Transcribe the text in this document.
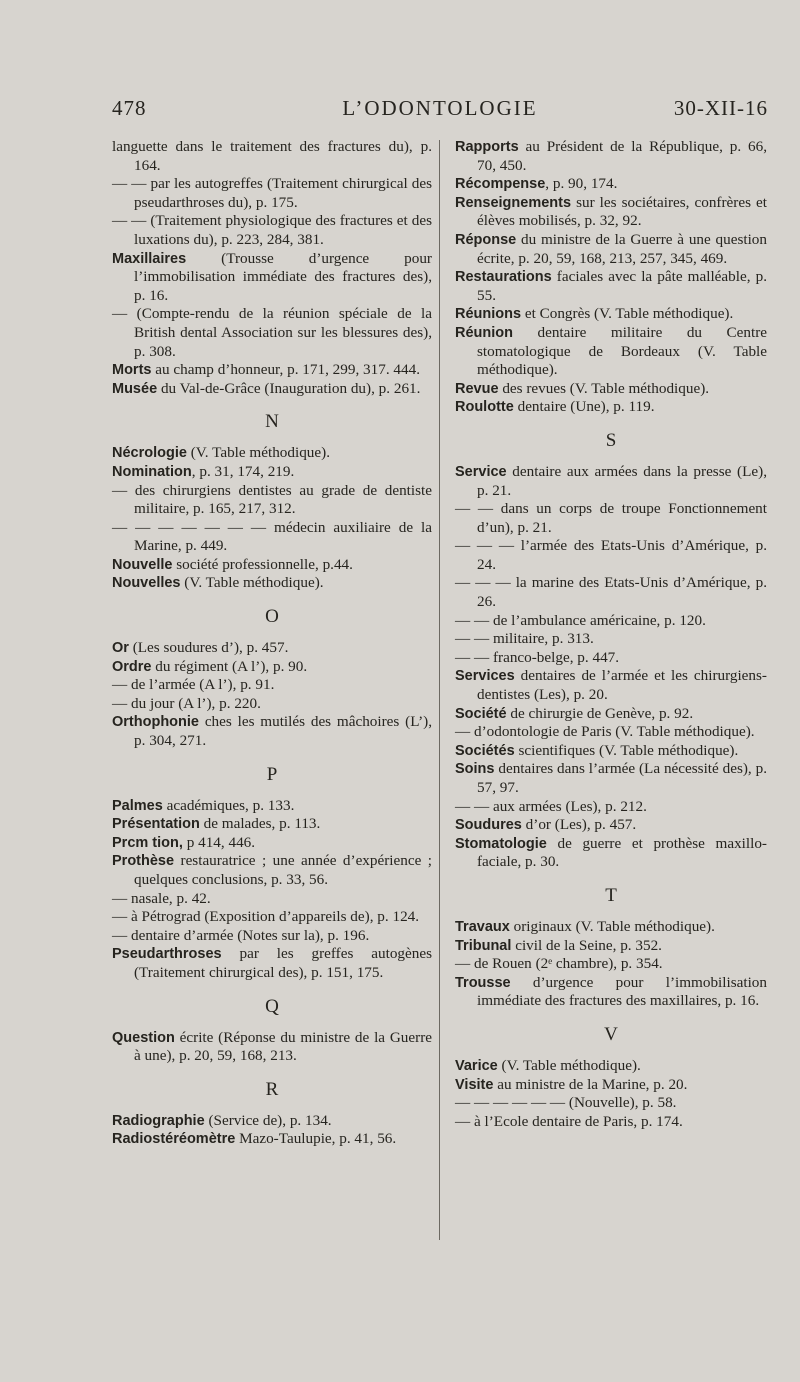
478	L’ODONTOLOGIE	30-XII-16

languette dans le traitement des fractures du), p. 164.

— — par les autogreffes (Traitement chirurgical des pseudarthroses du), p. 175.

— — (Traitement physiologique des fractures et des luxations du), p. 223, 284, 381.

Maxillaires (Trousse d’urgence pour l’immobilisation immédiate des fractures des), p. 16.

— (Compte-rendu de la réunion spéciale de la British dental Association sur les blessures des), p. 308.

Morts au champ d’honneur, p. 171, 299, 317. 444.

Musée du Val-de-Grâce (Inauguration du), p. 261.

N

Nécrologie (V. Table méthodique).

Nomination, p. 31, 174, 219.

— des chirurgiens dentistes au grade de dentiste militaire, p. 165, 217, 312.

— — — — — — — médecin auxiliaire de la Marine, p. 449.

Nouvelle société professionnelle, p.44.

Nouvelles (V. Table méthodique).

O

Or (Les soudures d’), p. 457.

Ordre du régiment (A l’), p. 90.

— de l’armée (A l’), p. 91.

— du jour (A l’), p. 220.

Orthophonie ches les mutilés des mâchoires (L’), p. 304, 271.

P

Palmes académiques, p. 133.

Présentation de malades, p. 113.

Prcm tion, p 414, 446.

Prothèse restauratrice ; une année d’expérience ; quelques conclusions, p. 33, 56.

— nasale, p. 42.

— à Pétrograd (Exposition d’appareils de), p. 124.

— dentaire d’armée (Notes sur la), p. 196.

Pseudarthroses par les greffes autogènes (Traitement chirurgical des), p. 151, 175.

Q

Question écrite (Réponse du ministre de la Guerre à une), p. 20, 59, 168, 213.

R

Radiographie (Service de), p. 134.

Radiostéréomètre Mazo-Taulupie, p. 41, 56.

Rapports au Président de la République, p. 66, 70, 450.

Récompense, p. 90, 174.

Renseignements sur les sociétaires, confrères et élèves mobilisés, p. 32, 92.

Réponse du ministre de la Guerre à une question écrite, p. 20, 59, 168, 213, 257, 345, 469.

Restaurations faciales avec la pâte malléable, p. 55.

Réunions et Congrès (V. Table méthodique).

Réunion dentaire militaire du Centre stomatologique de Bordeaux (V. Table méthodique).

Revue des revues (V. Table méthodique).

Roulotte dentaire (Une), p. 119.

S

Service dentaire aux armées dans la presse (Le), p. 21.

— — dans un corps de troupe Fonctionnement d’un), p. 21.

— — — l’armée des Etats-Unis d’Amérique, p. 24.

— — — la marine des Etats-Unis d’Amérique, p. 26.

— — de l’ambulance américaine, p. 120.

— — militaire, p. 313.

— — franco-belge, p. 447.

Services dentaires de l’armée et les chirurgiens-dentistes (Les), p. 20.

Société de chirurgie de Genève, p. 92.

— d’odontologie de Paris (V. Table méthodique).

Sociétés scientifiques (V. Table méthodique).

Soins dentaires dans l’armée (La nécessité des), p. 57, 97.

— — aux armées (Les), p. 212.

Soudures d’or (Les), p. 457.

Stomatologie de guerre et prothèse maxillo-faciale, p. 30.

T

Travaux originaux (V. Table méthodique).

Tribunal civil de la Seine, p. 352.

— de Rouen (2ᵉ chambre), p. 354.

Trousse d’urgence pour l’immobilisation immédiate des fractures des maxillaires, p. 16.

V

Varice (V. Table méthodique).

Visite au ministre de la Marine, p. 20.

— — — — — — (Nouvelle), p. 58.

— à l’Ecole dentaire de Paris, p. 174.
